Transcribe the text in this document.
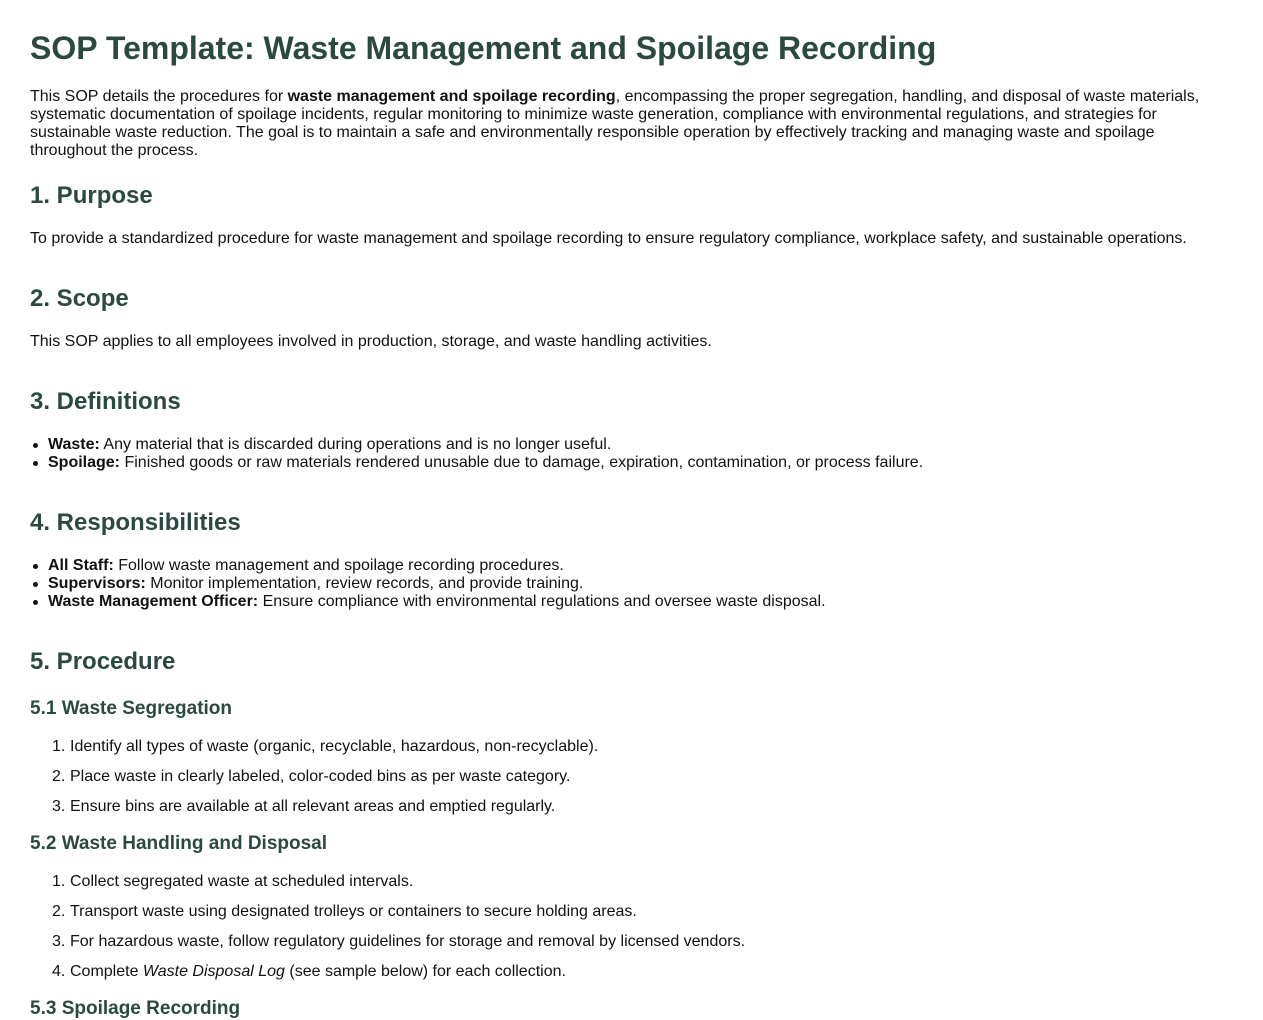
SOP Template: Waste Management and Spoilage Recording

This SOP details the procedures for waste management and spoilage recording, encompassing the proper segregation, handling, and disposal of waste materials, systematic documentation of spoilage incidents, regular monitoring to minimize waste generation, compliance with environmental regulations, and strategies for sustainable waste reduction. The goal is to maintain a safe and environmentally responsible operation by effectively tracking and managing waste and spoilage throughout the process.

1. Purpose

To provide a standardized procedure for waste management and spoilage recording to ensure regulatory compliance, workplace safety, and sustainable operations.

2. Scope

This SOP applies to all employees involved in production, storage, and waste handling activities.

3. Definitions
Waste: Any material that is discarded during operations and is no longer useful.
Spoilage: Finished goods or raw materials rendered unusable due to damage, expiration, contamination, or process failure.
4. Responsibilities
All Staff: Follow waste management and spoilage recording procedures.
Supervisors: Monitor implementation, review records, and provide training.
Waste Management Officer: Ensure compliance with environmental regulations and oversee waste disposal.
5. Procedure
5.1 Waste Segregation
1. Identify all types of waste (organic, recyclable, hazardous, non-recyclable).
2. Place waste in clearly labeled, color-coded bins as per waste category.
3. Ensure bins are available at all relevant areas and emptied regularly.
5.2 Waste Handling and Disposal
1. Collect segregated waste at scheduled intervals.
2. Transport waste using designated trolleys or containers to secure holding areas.
3. For hazardous waste, follow regulatory guidelines for storage and removal by licensed vendors.
4. Complete Waste Disposal Log (see sample below) for each collection.
5.3 Spoilage Recording
